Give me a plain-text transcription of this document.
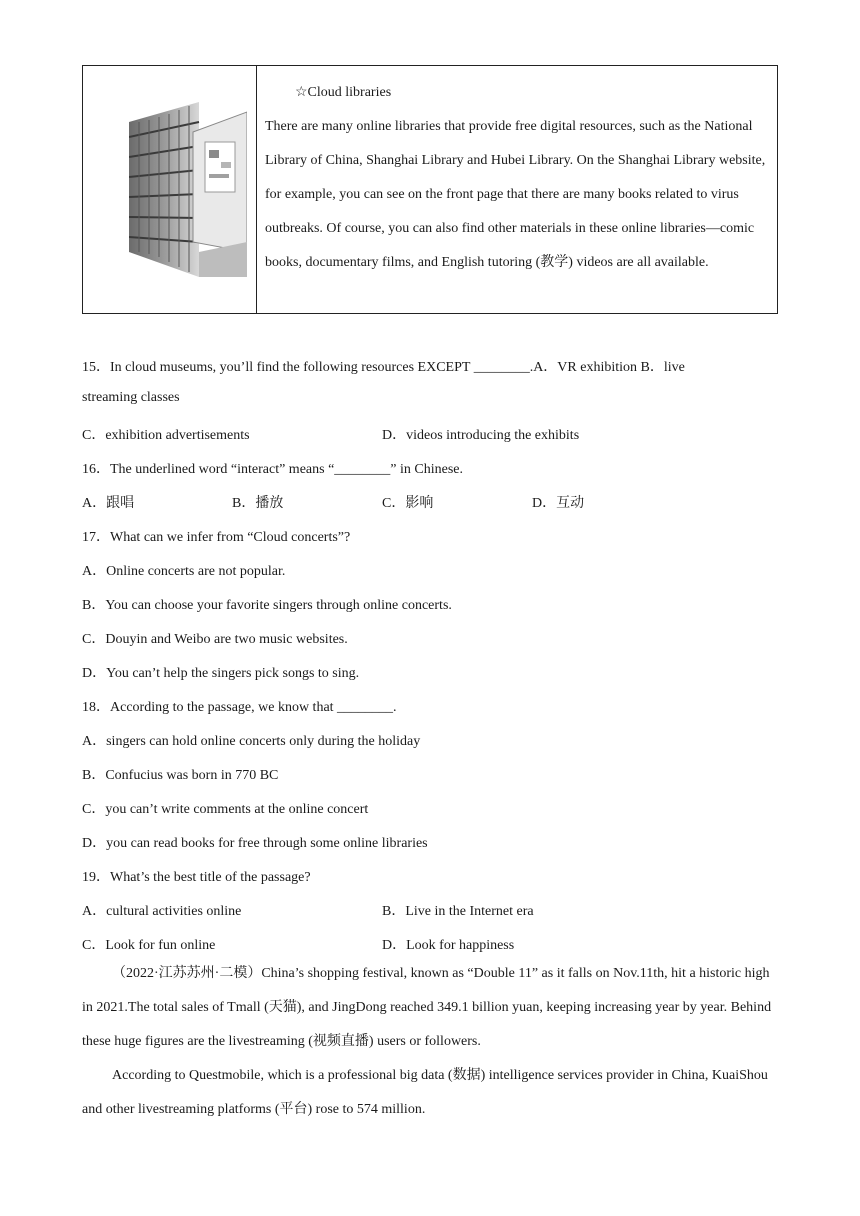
☆Cloud libraries
There are many online libraries that provide free digital resources, such as the National Library of China, Shanghai Library and Hubei Library. On the Shanghai Library website, for example, you can see on the front page that there are many books related to virus outbreaks. Of course, you can also find other materials in these online libraries—comic books, documentary films, and English tutoring (教学) videos are all available.
15．In cloud museums, you’ll find the following resources EXCEPT ________.A．VR exhibition B．live
streaming classes
C．exhibition advertisements	D．videos introducing the exhibits
16．The underlined word “interact” means “________” in Chinese.
A．跟唱	B．播放	C．影响	D．互动
17．What can we infer from “Cloud concerts”?
A．Online concerts are not popular.
B．You can choose your favorite singers through online concerts.
C．Douyin and Weibo are two music websites.
D．You can’t help the singers pick songs to sing.
18．According to the passage, we know that ________.
A．singers can hold online concerts only during the holiday
B．Confucius was born in 770 BC
C．you can’t write comments at the online concert
D．you can read books for free through some online libraries
19．What’s the best title of the passage?
A．cultural activities online	B．Live in the Internet era
C．Look for fun online	D．Look for happiness
（2022·江苏苏州·二模）China’s shopping festival, known as “Double 11” as it falls on Nov.11th, hit a historic high in 2021.The total sales of Tmall (天猫), and JingDong reached 349.1 billion yuan, keeping increasing year by year. Behind these huge figures are the livestreaming (视频直播) users or followers.
According to Questmobile, which is a professional big data (数据) intelligence services provider in China, KuaiShou and other livestreaming platforms (平台) rose to 574 million.
